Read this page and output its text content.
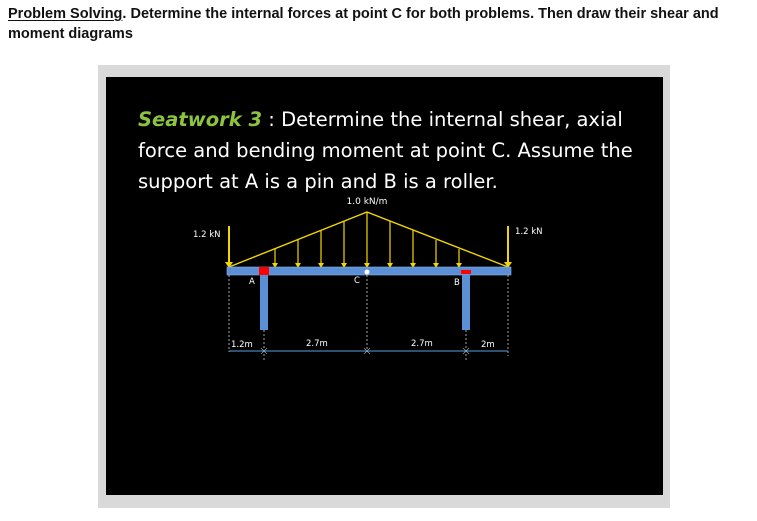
Problem Solving. Determine the internal forces at point C for both problems. Then draw their shear and moment diagrams
Seatwork 3 : Determine the internal shear, axial force and bending moment at point C. Assume the support at A is a pin and B is a roller.
1.0 kN/m
1.2 kN	1.2 kN
A	C	B
1.2m	2.7m	2.7m	2m
